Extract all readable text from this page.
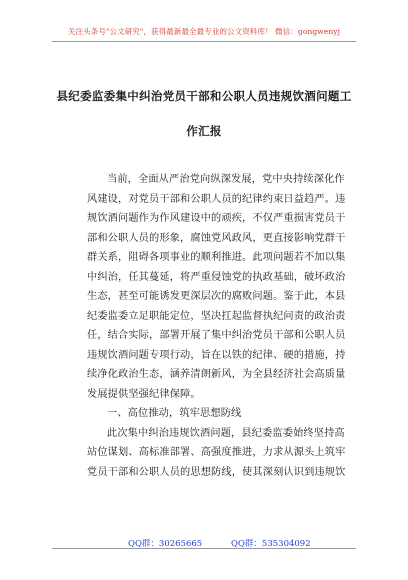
关注头条号"公文研究"，获得最新最全最专业的公文资料库！ 微信：gongwenyj
县纪委监委集中纠治党员干部和公职人员违规饮酒问题工
作汇报
当前，全面从严治党向纵深发展，党中央持续深化作
风建设，对党员干部和公职人员的纪律约束日益趋严。违
规饮酒问题作为作风建设中的顽疾，不仅严重损害党员干
部和公职人员的形象，腐蚀党风政风，更直接影响党群干
群关系，阻碍各项事业的顺利推进。此项问题若不加以集
中纠治，任其蔓延，将严重侵蚀党的执政基础，破坏政治
生态，甚至可能诱发更深层次的腐败问题。鉴于此，本县
纪委监委立足职能定位，坚决扛起监督执纪问责的政治责
任，结合实际，部署开展了集中纠治党员干部和公职人员
违规饮酒问题专项行动，旨在以铁的纪律、硬的措施，持
续净化政治生态，涵养清朗新风，为全县经济社会高质量
发展提供坚强纪律保障。
一、高位推动，筑牢思想防线
此次集中纠治违规饮酒问题，县纪委监委始终坚持高
站位谋划、高标准部署、高强度推进，力求从源头上筑牢
党员干部和公职人员的思想防线，使其深刻认识到违规饮
QQ群：30265665	QQ群：535304092
